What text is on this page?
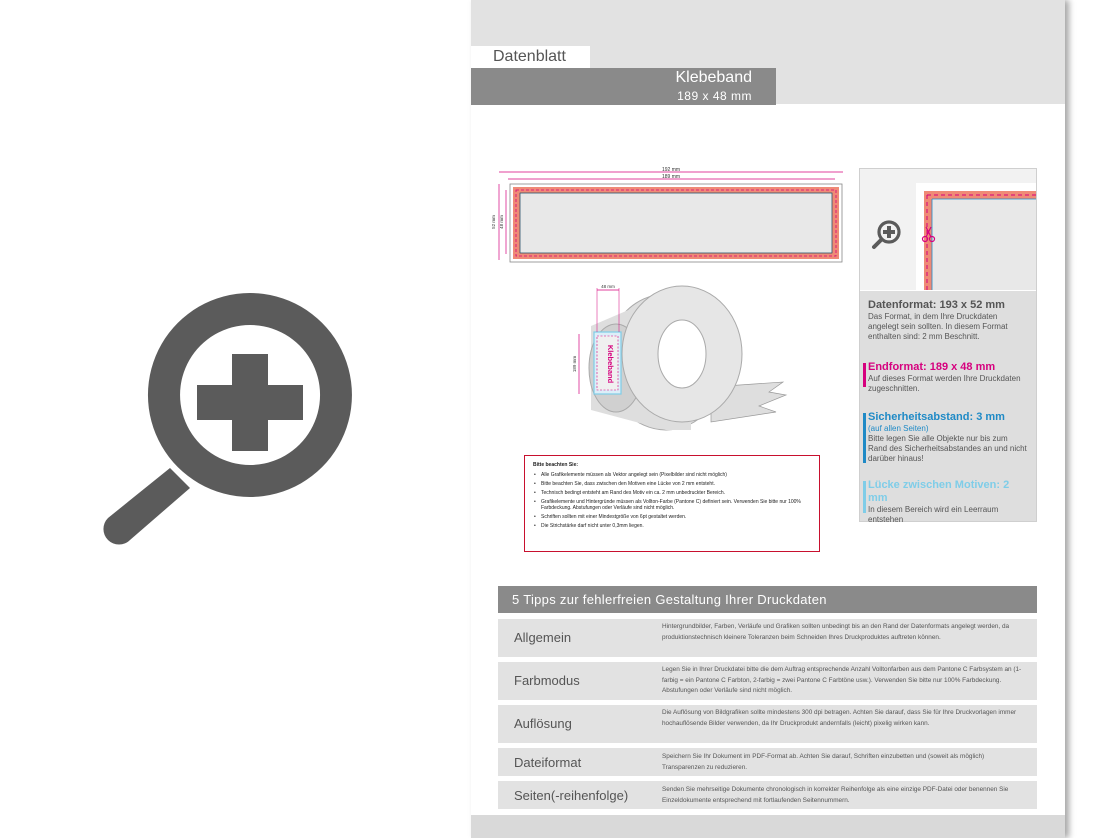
Datenblatt
Klebeband
189 x 48 mm
192 mm
189 mm
52 mm 48 mm
Klebeband
48 mm
189 mm
Bitte beachten Sie:
• Alle Grafikelemente müssen als Vektor angelegt sein (Pixelbilder sind nicht möglich)
• Bitte beachten Sie, dass zwischen den Motiven eine Lücke von 2 mm entsteht.
• Technisch bedingt entsteht am Rand des Motiv ein ca. 2 mm unbedruckter Bereich.
• Grafikelemente und Hintergründe müssen als Vollton-Farbe (Pantone C) definiert sein. Verwenden Sie bitte nur 100% Farbdeckung. Abstufungen oder Verläufe sind nicht möglich.
• Schriften sollten mit einer Mindestgröße von 6pt gestaltet werden.
• Die Strichstärke darf nicht unter 0,3mm liegen.
Datenformat: 193 x 52 mm
Das Format, in dem Ihre Druckdaten angelegt sein sollten. In diesem Format enthalten sind: 2 mm Beschnitt.
Endformat: 189 x 48 mm
Auf dieses Format werden Ihre Druckdaten zugeschnitten.
Sicherheitsabstand: 3 mm
(auf allen Seiten)
Bitte legen Sie alle Objekte nur bis zum Rand des Sicherheitsabstandes an und nicht darüber hinaus!
Lücke zwischen Motiven: 2 mm
In diesem Bereich wird ein Leerraum entstehen
5 Tipps zur fehlerfreien Gestaltung Ihrer Druckdaten
Allgemein
Hintergrundbilder, Farben, Verläufe und Grafiken sollten unbedingt bis an den Rand der Datenformats angelegt werden, da produktionstechnisch kleinere Toleranzen beim Schneiden Ihres Druckproduktes auftreten können.
Farbmodus
Legen Sie in Ihrer Druckdatei bitte die dem Auftrag entsprechende Anzahl Volltonfarben aus dem Pantone C Farbsystem an (1-farbig = ein Pantone C Farbton, 2-farbig = zwei Pantone C Farbtöne usw.). Verwenden Sie bitte nur 100% Farbdeckung. Abstufungen oder Verläufe sind nicht möglich.
Auflösung
Die Auflösung von Bildgrafiken sollte mindestens 300 dpi betragen. Achten Sie darauf, dass Sie für Ihre Druckvorlagen immer hochauflösende Bilder verwenden, da Ihr Druckprodukt andernfalls (leicht) pixelig wirken kann.
Dateiformat	Speichern Sie Ihr Dokument im PDF-Format ab. Achten Sie darauf, Schriften einzubetten und (soweit als möglich) Transparenzen zu reduzieren.
Seiten(-reihenfolge)	Senden Sie mehrseitige Dokumente chronologisch in korrekter Reihenfolge als eine einzige PDF-Datei oder benennen Sie Einzeldokumente entsprechend mit fortlaufenden Seitennummern.
